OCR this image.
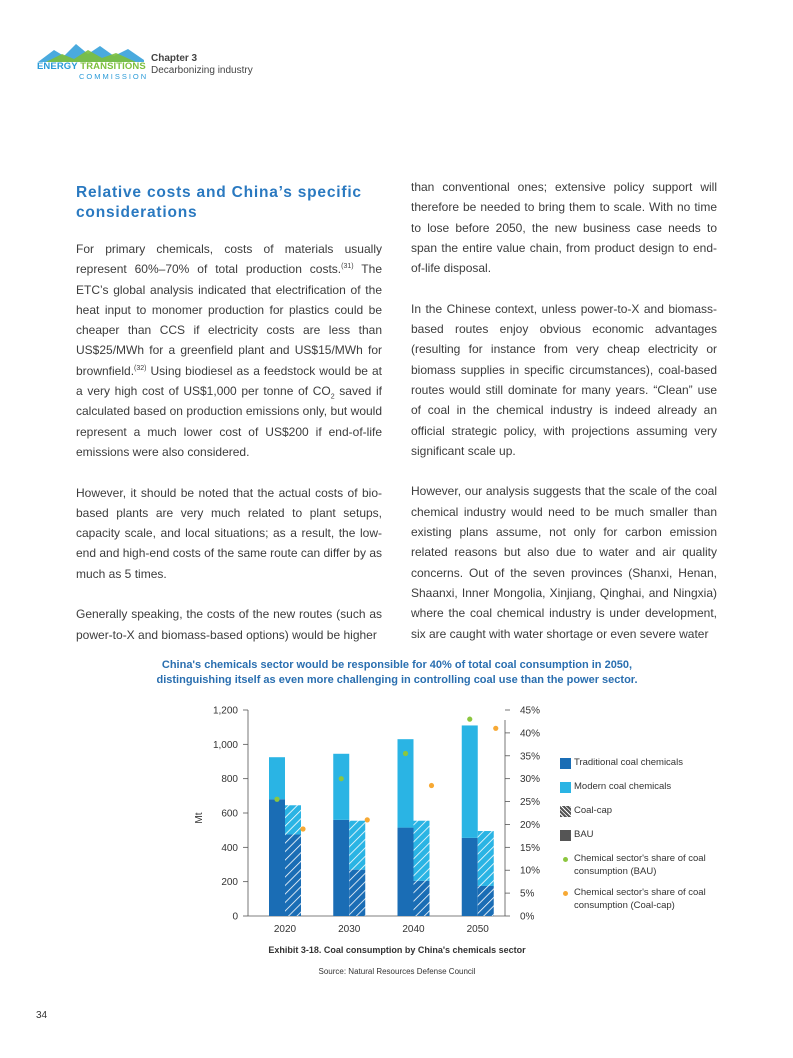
ENERGY TRANSITIONS
COMMISSION
Chapter 3
Decarbonizing industry
Relative costs and China’s specific considerations

For primary chemicals, costs of materials usually represent 60%–70% of total production costs.$^{(31)}$ The ETC’s global analysis indicated that electrification of the heat input to monomer production for plastics could be cheaper than CCS if electricity costs are less than US$25/MWh for a greenfield plant and US$15/MWh for brownfield.$^{(32)}$ Using biodiesel as a feedstock would be at a very high cost of US$1,000 per tonne of $CO_2$ saved if calculated based on production emissions only, but would represent a much lower cost of US$200 if end-of-life emissions were also considered.

However, it should be noted that the actual costs of bio-based plants are very much related to plant setups, capacity scale, and local situations; as a result, the low-end and high-end costs of the same route can differ by as much as 5 times.

Generally speaking, the costs of the new routes (such as power-to-X and biomass-based options) would be higher

than conventional ones; extensive policy support will therefore be needed to bring them to scale. With no time to lose before 2050, the new business case needs to span the entire value chain, from product design to end-of-life disposal.

In the Chinese context, unless power-to-X and biomass-based routes enjoy obvious economic advantages (resulting for instance from very cheap electricity or biomass supplies in specific circumstances), coal-based routes would still dominate for many years. “Clean” use of coal in the chemical industry is indeed already an official strategic policy, with projections assuming very significant scale up.

However, our analysis suggests that the scale of the coal chemical industry would need to be much smaller than existing plans assume, not only for carbon emission related reasons but also due to water and air quality concerns. Out of the seven provinces (Shanxi, Henan, Shaanxi, Inner Mongolia, Xinjiang, Qinghai, and Ningxia) where the coal chemical industry is under development, six are caught with water shortage or even severe water

China's chemicals sector would be responsible for 40% of total coal consumption in 2050, distinguishing itself as even more challenging in controlling coal use than the power sector.
Mt
0
200
400
600
800
1,000
1,200
0%
5%
10%
15%
20%
25%
30%
35%
40%
45%
2020	2030	2040	2050
Traditional coal chemicals
Modern coal chemicals
Coal-cap
BAU
Chemical sector's share of coal consumption (BAU)
Chemical sector's share of coal consumption (Coal-cap)
Exhibit 3-18. Coal consumption by China's chemicals sector
Source: Natural Resources Defense Council
34
